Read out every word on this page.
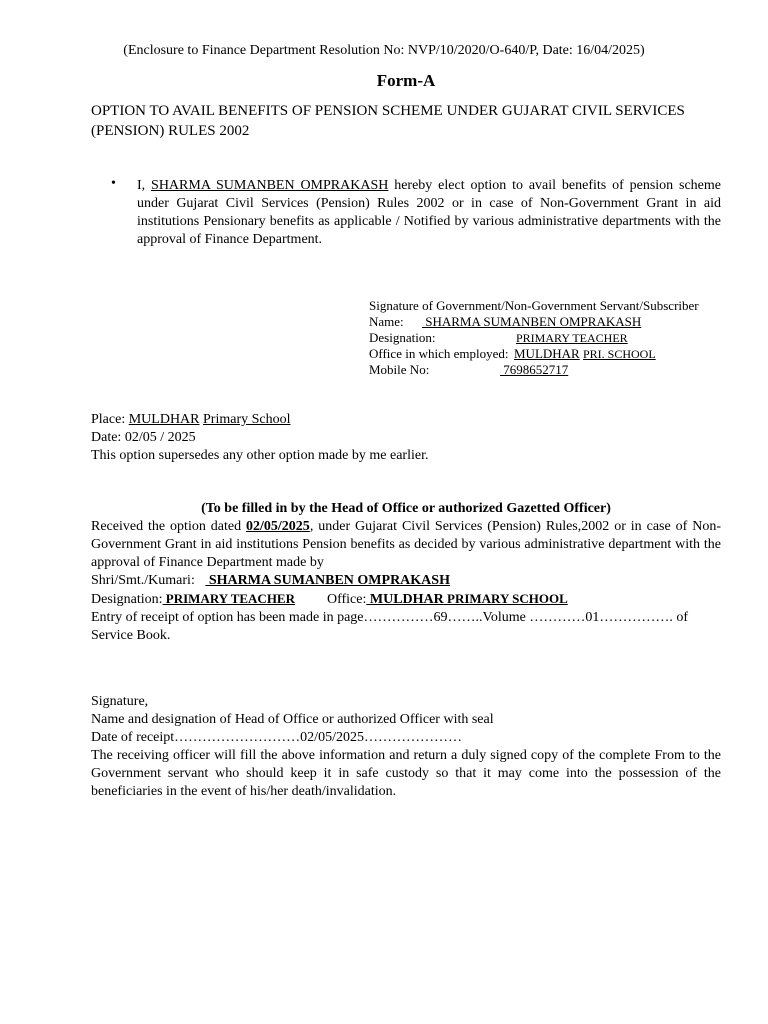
(Enclosure to Finance Department Resolution No: NVP/10/2020/O-640/P, Date: 16/04/2025)
Form-A
OPTION TO AVAIL BENEFITS OF PENSION SCHEME UNDER GUJARAT CIVIL SERVICES (PENSION) RULES 2002
• I, SHARMA SUMANBEN OMPRAKASH hereby elect option to avail benefits of pension scheme under Gujarat Civil Services (Pension) Rules 2002 or in case of Non-Government Grant in aid institutions Pensionary benefits as applicable / Notified by various administrative departments with the approval of Finance Department.
Signature of Government/Non-Government Servant/Subscriber
Name: SHARMA SUMANBEN OMPRAKASH
Designation:	PRIMARY TEACHER
Office in which employed: MULDHAR PRI. SCHOOL
Mobile No:	7698652717
Place: MULDHAR Primary School
Date: 02/05 / 2025
This option supersedes any other option made by me earlier.
(To be filled in by the Head of Office or authorized Gazetted Officer)
Received the option dated 02/05/2025, under Gujarat Civil Services (Pension) Rules,2002 or in case of Non-Government Grant in aid institutions Pension benefits as decided by various administrative department with the approval of Finance Department made by
Shri/Smt./Kumari:    SHARMA SUMANBEN OMPRAKASH
Designation: PRIMARY TEACHER Office: MULDHAR PRIMARY SCHOOL
Entry of receipt of option has been made in page……………69……..Volume …………01……………. of Service Book.
Signature,
Name and designation of Head of Office or authorized Officer with seal
Date of receipt………………………02/05/2025…………………
The receiving officer will fill the above information and return a duly signed copy of the complete From to the Government servant who should keep it in safe custody so that it may come into the possession of the beneficiaries in the event of his/her death/invalidation.
